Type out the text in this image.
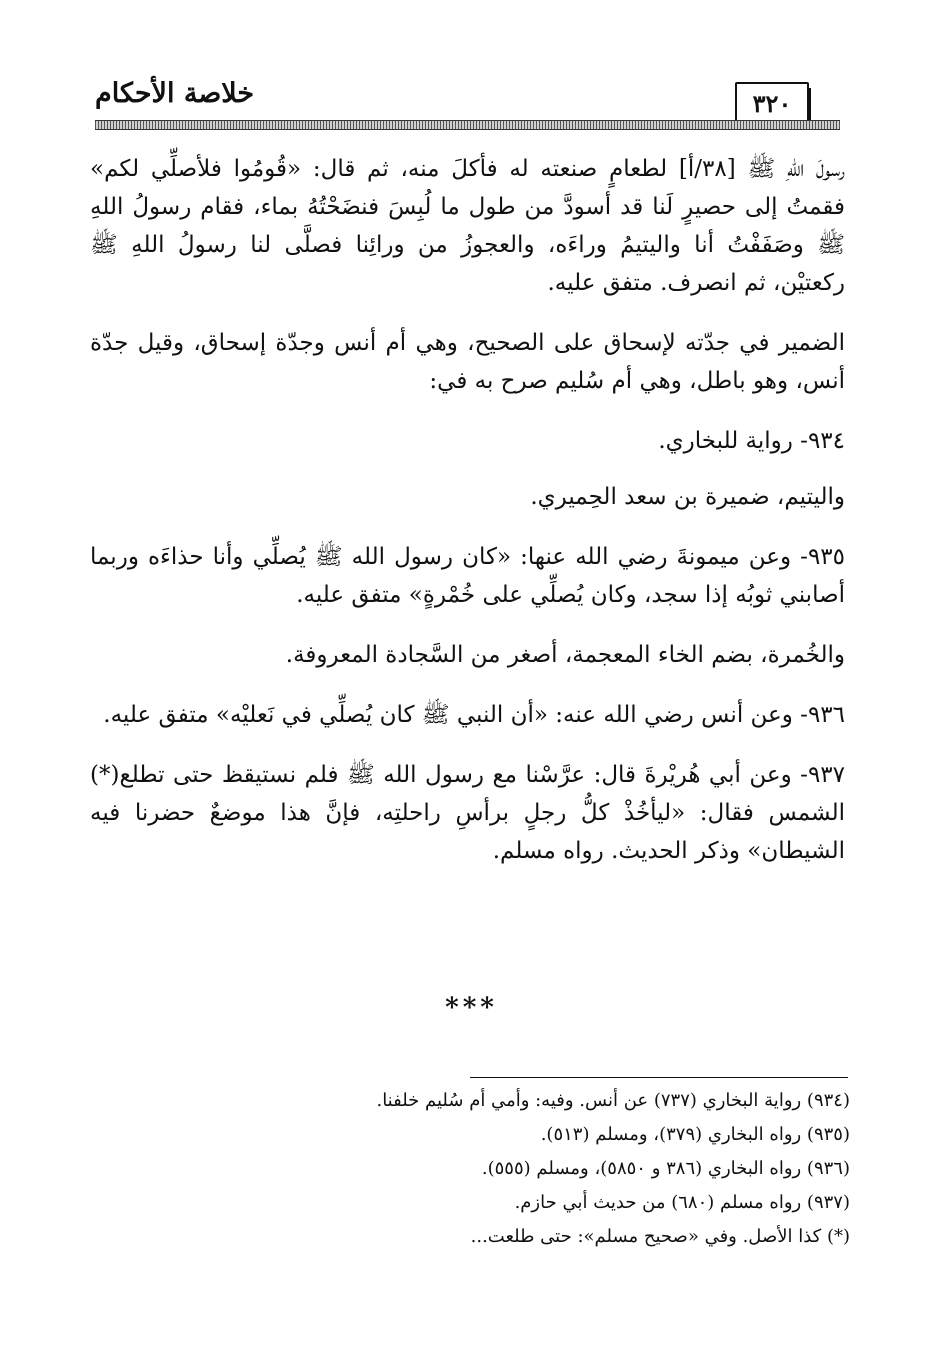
خلاصة الأحكام	٣٢٠

رسولَ اللهِ ﷺ [٣٨/أ] لطعامٍ صنعته له فأكلَ منه، ثم قال: «قُومُوا فلأصلِّي لكم» فقمتُ إلى حصيرٍ لَنا قد أسودَّ من طول ما لُبِسَ فنضَحْتُهُ بماء، فقام رسولُ اللهِ ﷺ وصَفَفْتُ أنا واليتيمُ وراءَه، والعجوزُ من ورائِنا فصلَّى لنا رسولُ اللهِ ﷺ ركعتيْن، ثم انصرف. متفق عليه.

الضمير في جدّته لإسحاق على الصحيح، وهي أم أنس وجدّة إسحاق، وقيل جدّة أنس، وهو باطل، وهي أم سُليم صرح به في:

٩٣٤- رواية للبخاري.

واليتيم، ضميرة بن سعد الحِميري.

٩٣٥- وعن ميمونةَ رضي الله عنها: «كان رسول الله ﷺ يُصلِّي وأنا حذاءَه وربما أصابني ثوبُه إذا سجد، وكان يُصلِّي على خُمْرةٍ» متفق عليه.

والخُمرة، بضم الخاء المعجمة، أصغر من السَّجادة المعروفة.

٩٣٦- وعن أنس رضي الله عنه: «أن النبي ﷺ كان يُصلِّي في نَعليْه» متفق عليه.

٩٣٧- وعن أبي هُريْرةَ قال: عرَّسْنا مع رسول الله ﷺ فلم نستيقظ حتى تطلع(*) الشمس فقال: «ليأخُذْ كلُّ رجلٍ برأسِ راحلتِه، فإنَّ هذا موضعٌ حضرنا فيه الشيطان» وذكر الحديث. رواه مسلم.

***

(٩٣٤) رواية البخاري (٧٣٧) عن أنس. وفيه: وأمي أم سُليم خلفنا.

(٩٣٥) رواه البخاري (٣٧٩)، ومسلم (٥١٣).

(٩٣٦) رواه البخاري (٣٨٦ و ٥٨٥٠)، ومسلم (٥٥٥).

(٩٣٧) رواه مسلم (٦٨٠) من حديث أبي حازم.

(*) كذا الأصل. وفي «صحيح مسلم»: حتى طلعت...
